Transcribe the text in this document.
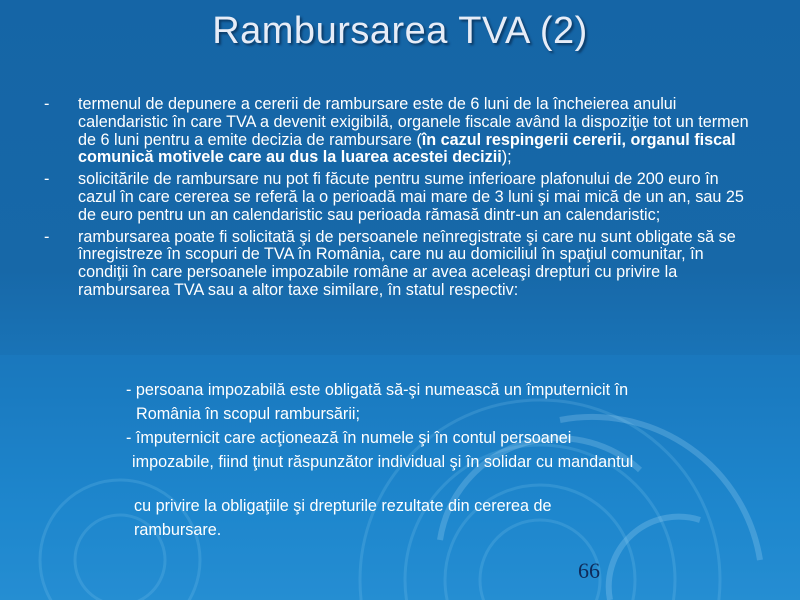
Rambursarea TVA (2)
- termenul de depunere a cererii de rambursare este de 6 luni de la încheierea anului calendaristic în care TVA a devenit exigibilă, organele fiscale având la dispoziţie tot un termen de 6 luni pentru a emite decizia de rambursare (în cazul respingerii cererii, organul fiscal comunică motivele care au dus la luarea acestei decizii);
- solicitările de rambursare nu pot fi făcute pentru sume inferioare plafonului de 200 euro în cazul în care cererea se referă la o perioadă mai mare de 3 luni şi mai mică de un an, sau 25 de euro pentru un an calendaristic sau perioada rămasă dintr-un an calendaristic;
- rambursarea poate fi solicitată şi de persoanele neînregistrate şi care nu sunt obligate să se înregistreze în scopuri de TVA în România, care nu au domiciliul în spaţiul comunitar, în condiţii în care persoanele impozabile române ar avea aceleaşi drepturi cu privire la rambursarea TVA sau a altor taxe similare, în statul respectiv:
- persoana impozabilă este obligată să-şi numească un împuternicit în
România în scopul rambursării;
- împuternicit care acţionează în numele şi în contul persoanei
impozabile, fiind ţinut răspunzător individual şi în solidar cu mandantul
cu privire la obligaţiile şi drepturile rezultate din cererea de
rambursare.
66
